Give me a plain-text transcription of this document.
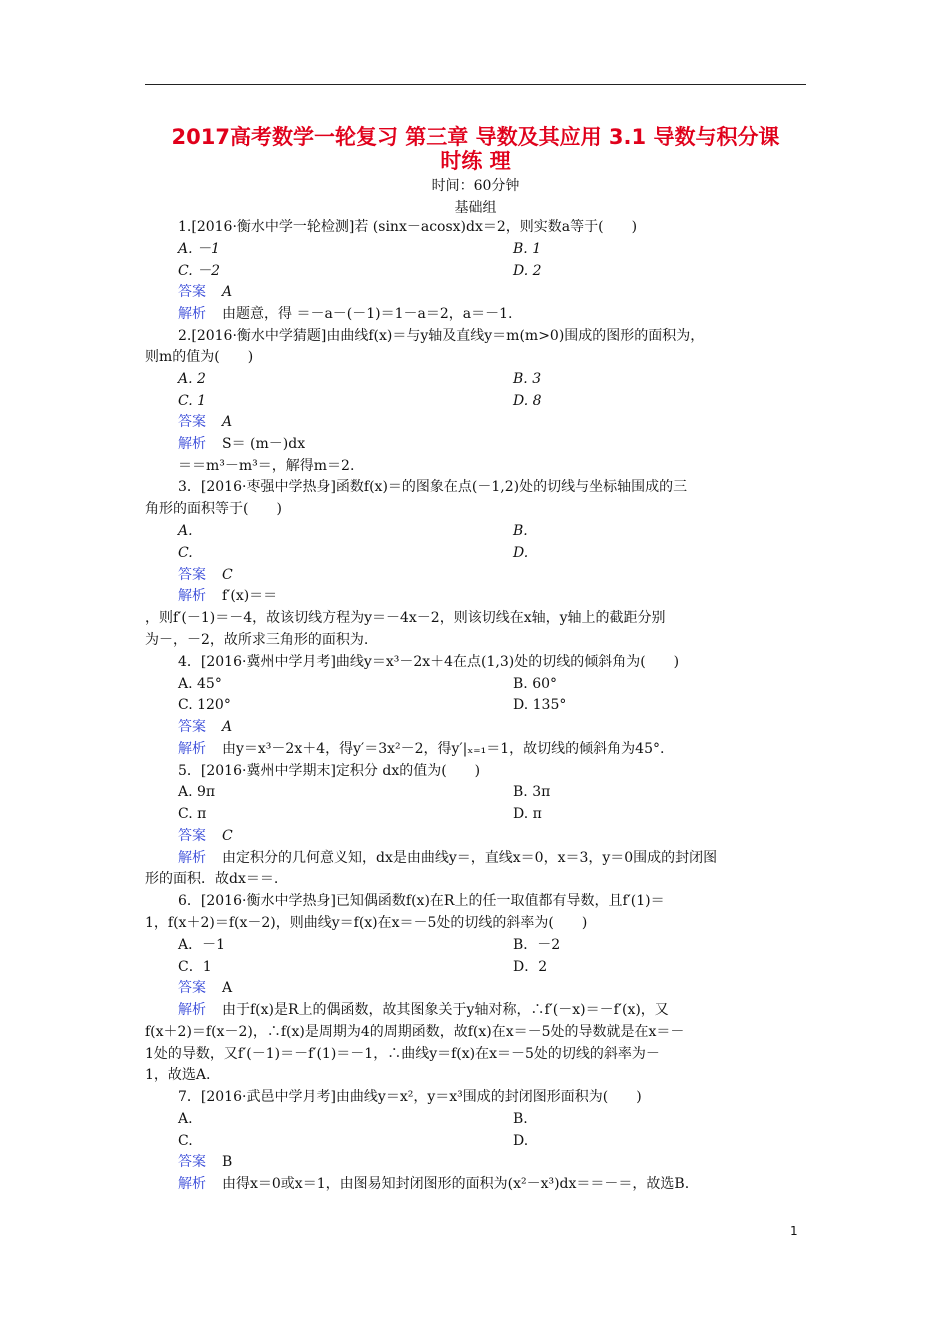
2017高考数学一轮复习 第三章 导数及其应用 3.1 导数与积分课
时练 理
时间：60分钟
基础组
1.[2016·衡水中学一轮检测]若 (sinx－acosx)dx＝2，则实数a等于(　　)
A. －1	B. 1
C. －2	D. 2
答案 A
解析 由题意，得 ＝－a－(－1)＝1－a＝2，a＝－1.
2.[2016·衡水中学猜题]由曲线f(x)＝与y轴及直线y＝m(m>0)围成的图形的面积为，
则m的值为(　　)
A. 2	B. 3
C. 1	D. 8
答案 A
解析 S＝ (m－)dx
＝＝m³－m³＝，解得m＝2.
3．[2016·枣强中学热身]函数f(x)＝的图象在点(－1,2)处的切线与坐标轴围成的三
角形的面积等于(　　)
A.	B.
C.	D.
答案 C
解析 f′(x)＝＝
，则f′(－1)＝－4，故该切线方程为y＝－4x－2，则该切线在x轴，y轴上的截距分别
为－，－2，故所求三角形的面积为.
4．[2016·冀州中学月考]曲线y＝x³－2x＋4在点(1,3)处的切线的倾斜角为(　　)
A. 45°	B. 60°
C. 120°	D. 135°
答案 A
解析 由y＝x³－2x＋4，得y′＝3x²－2，得y′|ₓ₌₁＝1，故切线的倾斜角为45°.
5．[2016·冀州中学期末]定积分 dx的值为(　　)
A. 9π	B. 3π
C. π	D. π
答案 C
解析 由定积分的几何意义知，dx是由曲线y＝，直线x＝0，x＝3，y＝0围成的封闭图
形的面积．故dx＝＝.
6．[2016·衡水中学热身]已知偶函数f(x)在R上的任一取值都有导数，且f′(1)＝
1，f(x＋2)＝f(x－2)，则曲线y＝f(x)在x＝－5处的切线的斜率为(　　)
A．－1	B．－2
C．1	D．2
答案 A
解析 由于f(x)是R上的偶函数，故其图象关于y轴对称，∴f′(－x)＝－f′(x)，又
f(x＋2)＝f(x－2)，∴f(x)是周期为4的周期函数，故f(x)在x＝－5处的导数就是在x＝－
1处的导数，又f′(－1)＝－f′(1)＝－1，∴曲线y＝f(x)在x＝－5处的切线的斜率为－
1，故选A.
7．[2016·武邑中学月考]由曲线y＝x²，y＝x³围成的封闭图形面积为(　　)
A.	B.
C.	D.
答案 B
解析 由得x＝0或x＝1，由图易知封闭图形的面积为(x²－x³)dx＝＝－＝，故选B.
1
